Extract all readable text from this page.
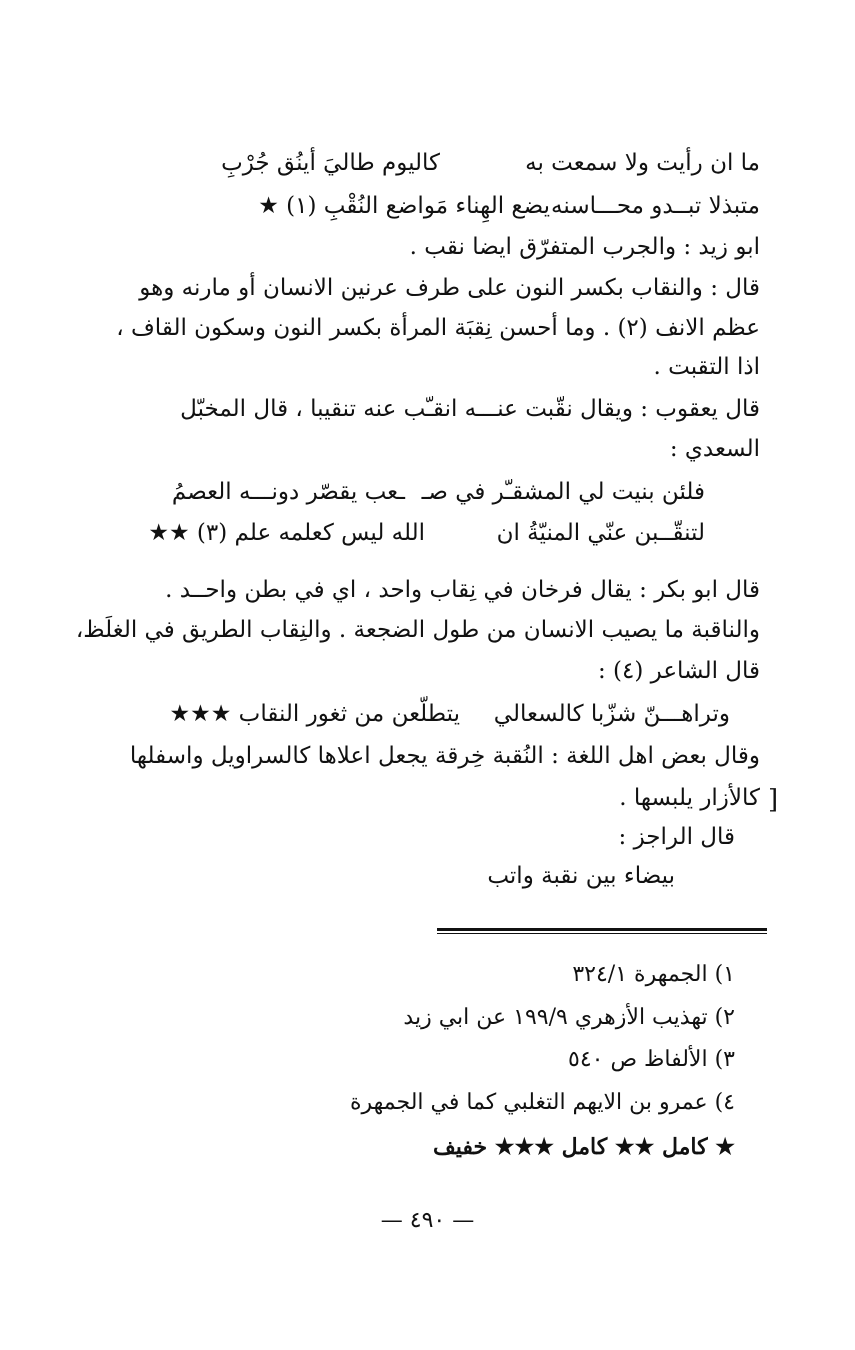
ما ان رأيت ولا سمعت به
كاليوم طاليَ أينُق جُرْبِ
متبذلا تبــدو محـــاسنه
يضع الهِناء مَواضع النُقْبِ (١) ★
ابو زيد : والجرب المتفرّق ايضا نقب .
قال : والنقاب بكسر النون على طرف عرنين الانسان أو مارنه وهو
عظم الانف (٢) . وما أحسن نِقبَة المرأة بكسر النون وسكون القاف ،
اذا التقبت .
قال يعقوب : ويقال نقّبت عنـــه انقـّب عنه تنقيبا ، قال المخبّل
السعدي :
فلئن بنيت لي المشقـّر في صـ
ـعب يقصّر دونـــه العصمُ
لتنقّــبن عنّي المنيّةُ ان
الله ليس كعلمه علم (٣) ★★
قال ابو بكر : يقال فرخان في نِقاب واحد ، اي في بطن واحــد .
والناقبة ما يصيب الانسان من طول الضجعة . والنِقاب الطريق في الغلَظ،
قال الشاعر (٤) :
وتراهـــنّ شزّبا كالسعالي
يتطلّعن من ثغور النقاب ★★★
وقال بعض اهل اللغة : النُقبة خِرقة يجعل اعلاها كالسراويل واسفلها
كالأزار يلبسها . [
قال الراجز :
بيضاء بين نقبة واتب
١) الجمهرة ٣٢٤/١
٢) تهذيب الأزهري ١٩٩/٩ عن ابي زيد
٣) الألفاظ ص ٥٤٠
٤) عمرو بن الايهم التغلبي كما في الجمهرة
★ كامل ★★ كامل ★★★ خفيف
— ٤٩٠ —
